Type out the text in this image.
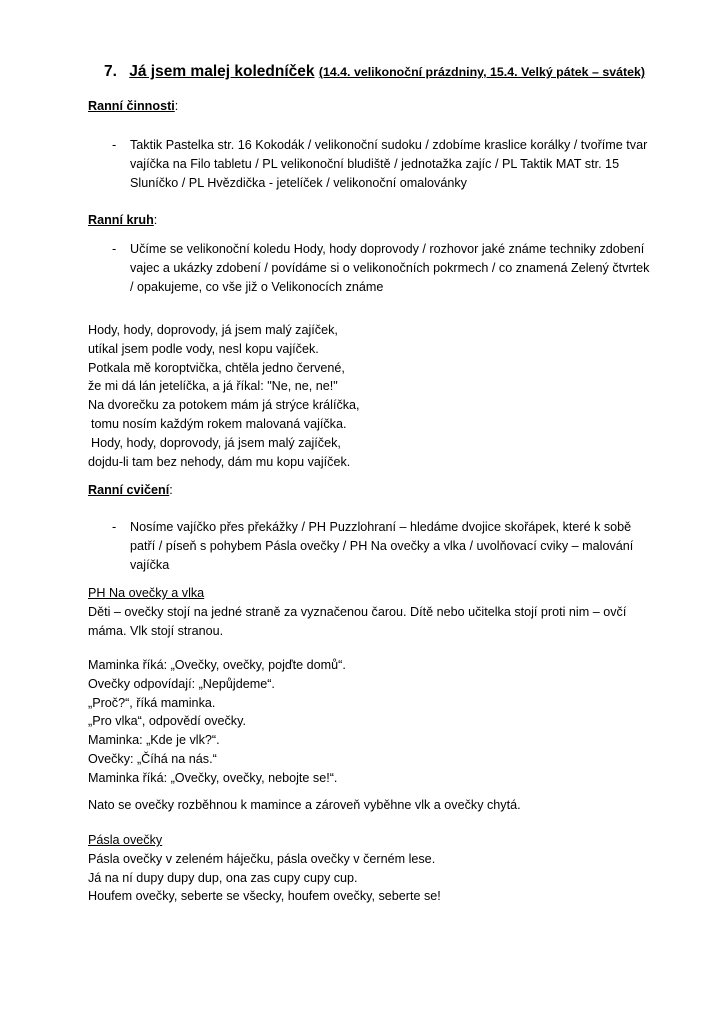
7. Já jsem malej koledníček (14.4. velikonoční prázdniny, 15.4. Velký pátek – svátek)
Ranní činnosti:
- Taktik Pastelka str. 16 Kokodák / velikonoční sudoku / zdobíme kraslice korálky / tvoříme tvar
vajíčka na Filo tabletu / PL velikonoční bludiště / jednotažka zajíc / PL Taktik MAT str. 15
Sluníčko / PL Hvězdička - jetelíček / velikonoční omalovánky
Ranní kruh:
- Učíme se velikonoční koledu Hody, hody doprovody / rozhovor jaké známe techniky zdobení
vajec a ukázky zdobení / povídáme si o velikonočních pokrmech / co znamená Zelený čtvrtek
/ opakujeme, co vše již o Velikonocích známe
Hody, hody, doprovody, já jsem malý zajíček,
utíkal jsem podle vody, nesl kopu vajíček.
Potkala mě koroptvička, chtěla jedno červené,
že mi dá lán jetelíčka, a já říkal: "Ne, ne, ne!"
Na dvorečku za potokem mám já strýce králíčka,
tomu nosím každým rokem malovaná vajíčka.
Hody, hody, doprovody, já jsem malý zajíček,
dojdu-li tam bez nehody, dám mu kopu vajíček.
Ranní cvičení:
- Nosíme vajíčko přes překážky / PH Puzzlohraní – hledáme dvojice skořápek, které k sobě
patří / píseň s pohybem Pásla ovečky / PH Na ovečky a vlka / uvolňovací cviky – malování
vajíčka
PH Na ovečky a vlka
Děti – ovečky stojí na jedné straně za vyznačenou čarou. Dítě nebo učitelka stojí proti nim – ovčí
máma. Vlk stojí stranou.
Maminka říká: „Ovečky, ovečky, pojďte domů“.
Ovečky odpovídají: „Nepůjdeme“.
„Proč?“, říká maminka.
„Pro vlka“, odpovědí ovečky.
Maminka: „Kde je vlk?“.
Ovečky: „Číhá na nás.“
Maminka říká: „Ovečky, ovečky, nebojte se!“.
Nato se ovečky rozběhnou k mamince a zároveň vyběhne vlk a ovečky chytá.
Pásla ovečky
Pásla ovečky v zeleném háječku, pásla ovečky v černém lese.
Já na ní dupy dupy dup, ona zas cupy cupy cup.
Houfem ovečky, seberte se všecky, houfem ovečky, seberte se!
